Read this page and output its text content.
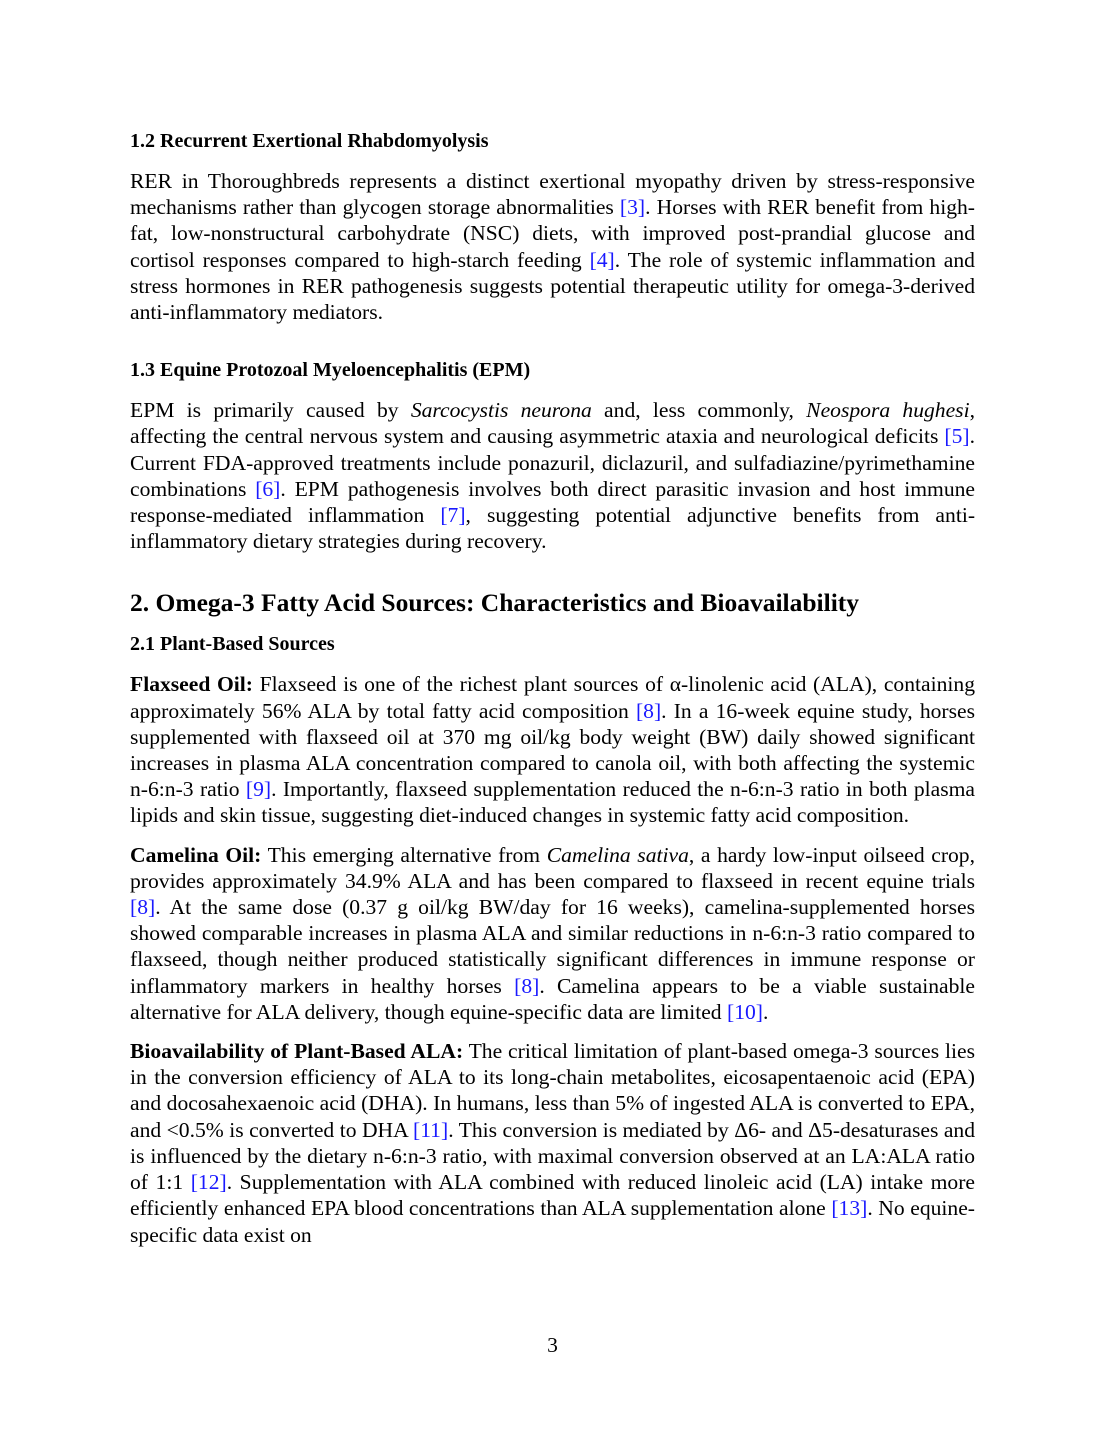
1.2 Recurrent Exertional Rhabdomyolysis

RER in Thoroughbreds represents a distinct exertional myopathy driven by stress-responsive mechanisms rather than glycogen storage abnormalities [3]. Horses with RER benefit from high-fat, low-nonstructural carbohydrate (NSC) diets, with improved post-prandial glucose and cortisol responses compared to high-starch feeding [4]. The role of systemic inflammation and stress hormones in RER pathogenesis suggests potential therapeutic utility for omega-3-derived anti-inflammatory mediators.

1.3 Equine Protozoal Myeloencephalitis (EPM)

EPM is primarily caused by Sarcocystis neurona and, less commonly, Neospora hughesi, affecting the central nervous system and causing asymmetric ataxia and neurological deficits [5]. Current FDA-approved treatments include ponazuril, diclazuril, and sulfadiazine/pyrimethamine combinations [6]. EPM pathogenesis involves both direct parasitic invasion and host immune response-mediated inflammation [7], suggesting potential adjunctive benefits from anti-inflammatory dietary strategies during recovery.

2. Omega-3 Fatty Acid Sources: Characteristics and Bioavailability
2.1 Plant-Based Sources

Flaxseed Oil: Flaxseed is one of the richest plant sources of α-linolenic acid (ALA), containing approximately 56% ALA by total fatty acid composition [8]. In a 16-week equine study, horses supplemented with flaxseed oil at 370 mg oil/kg body weight (BW) daily showed significant increases in plasma ALA concentration compared to canola oil, with both affecting the systemic n-6:n-3 ratio [9]. Importantly, flaxseed supplementation reduced the n-6:n-3 ratio in both plasma lipids and skin tissue, suggesting diet-induced changes in systemic fatty acid composition.

Camelina Oil: This emerging alternative from Camelina sativa, a hardy low-input oilseed crop, provides approximately 34.9% ALA and has been compared to flaxseed in recent equine trials [8]. At the same dose (0.37 g oil/kg BW/day for 16 weeks), camelina-supplemented horses showed comparable increases in plasma ALA and similar reductions in n-6:n-3 ratio compared to flaxseed, though neither produced statistically significant differences in immune response or inflammatory markers in healthy horses [8]. Camelina appears to be a viable sustainable alternative for ALA delivery, though equine-specific data are limited [10].

Bioavailability of Plant-Based ALA: The critical limitation of plant-based omega-3 sources lies in the conversion efficiency of ALA to its long-chain metabolites, eicosapentaenoic acid (EPA) and docosahexaenoic acid (DHA). In humans, less than 5% of ingested ALA is converted to EPA, and <0.5% is converted to DHA [11]. This conversion is mediated by Δ6- and Δ5-desaturases and is influenced by the dietary n-6:n-3 ratio, with maximal conversion observed at an LA:ALA ratio of 1:1 [12]. Supplementation with ALA combined with reduced linoleic acid (LA) intake more efficiently enhanced EPA blood concentrations than ALA supplementation alone [13]. No equine-specific data exist on

3
